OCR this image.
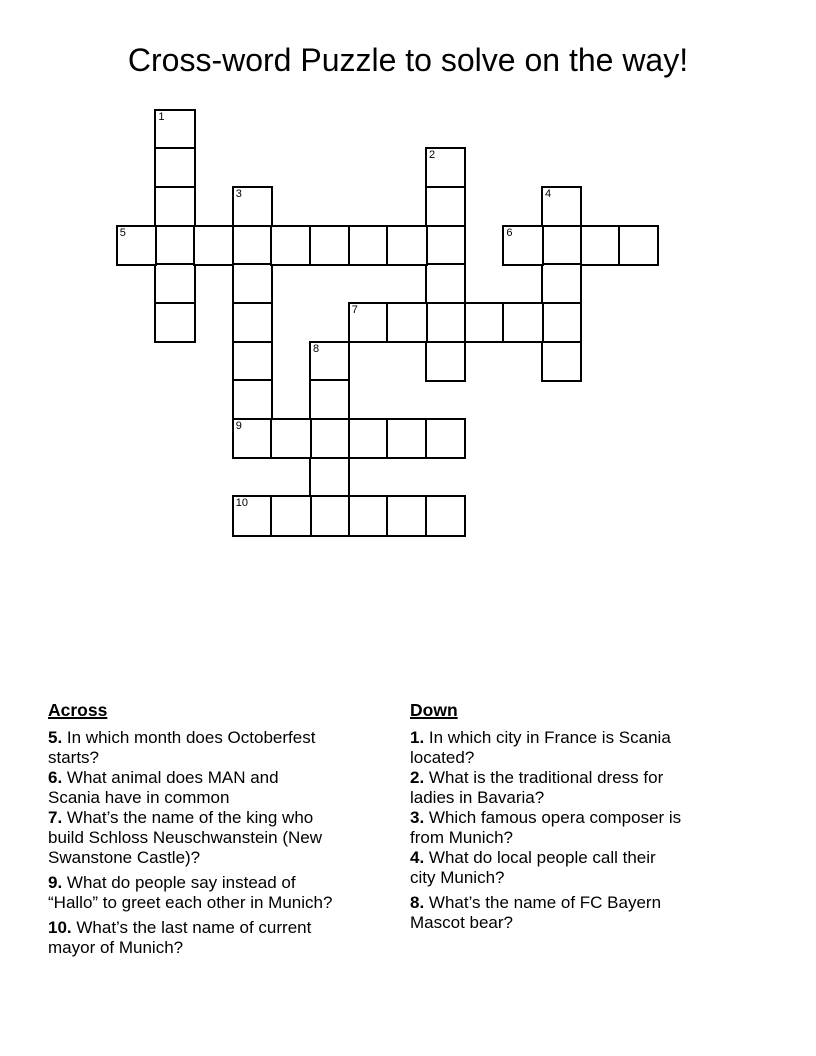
Cross-word Puzzle to solve on the way!
1
2
3
9
4
5	6
7
8
10

Across

5. In which month does Octoberfest
starts?

6. What animal does MAN and
Scania have in common

7. What’s the name of the king who
build Schloss Neuschwanstein (New
Swanstone Castle)?

9. What do people say instead of
“Hallo” to greet each other in Munich?

10. What’s the last name of current
mayor of Munich?

Down

1. In which city in France is Scania
located?

2. What is the traditional dress for
ladies in Bavaria?

3. Which famous opera composer is
from Munich?

4. What do local people call their
city Munich?

8. What’s the name of FC Bayern
Mascot bear?
